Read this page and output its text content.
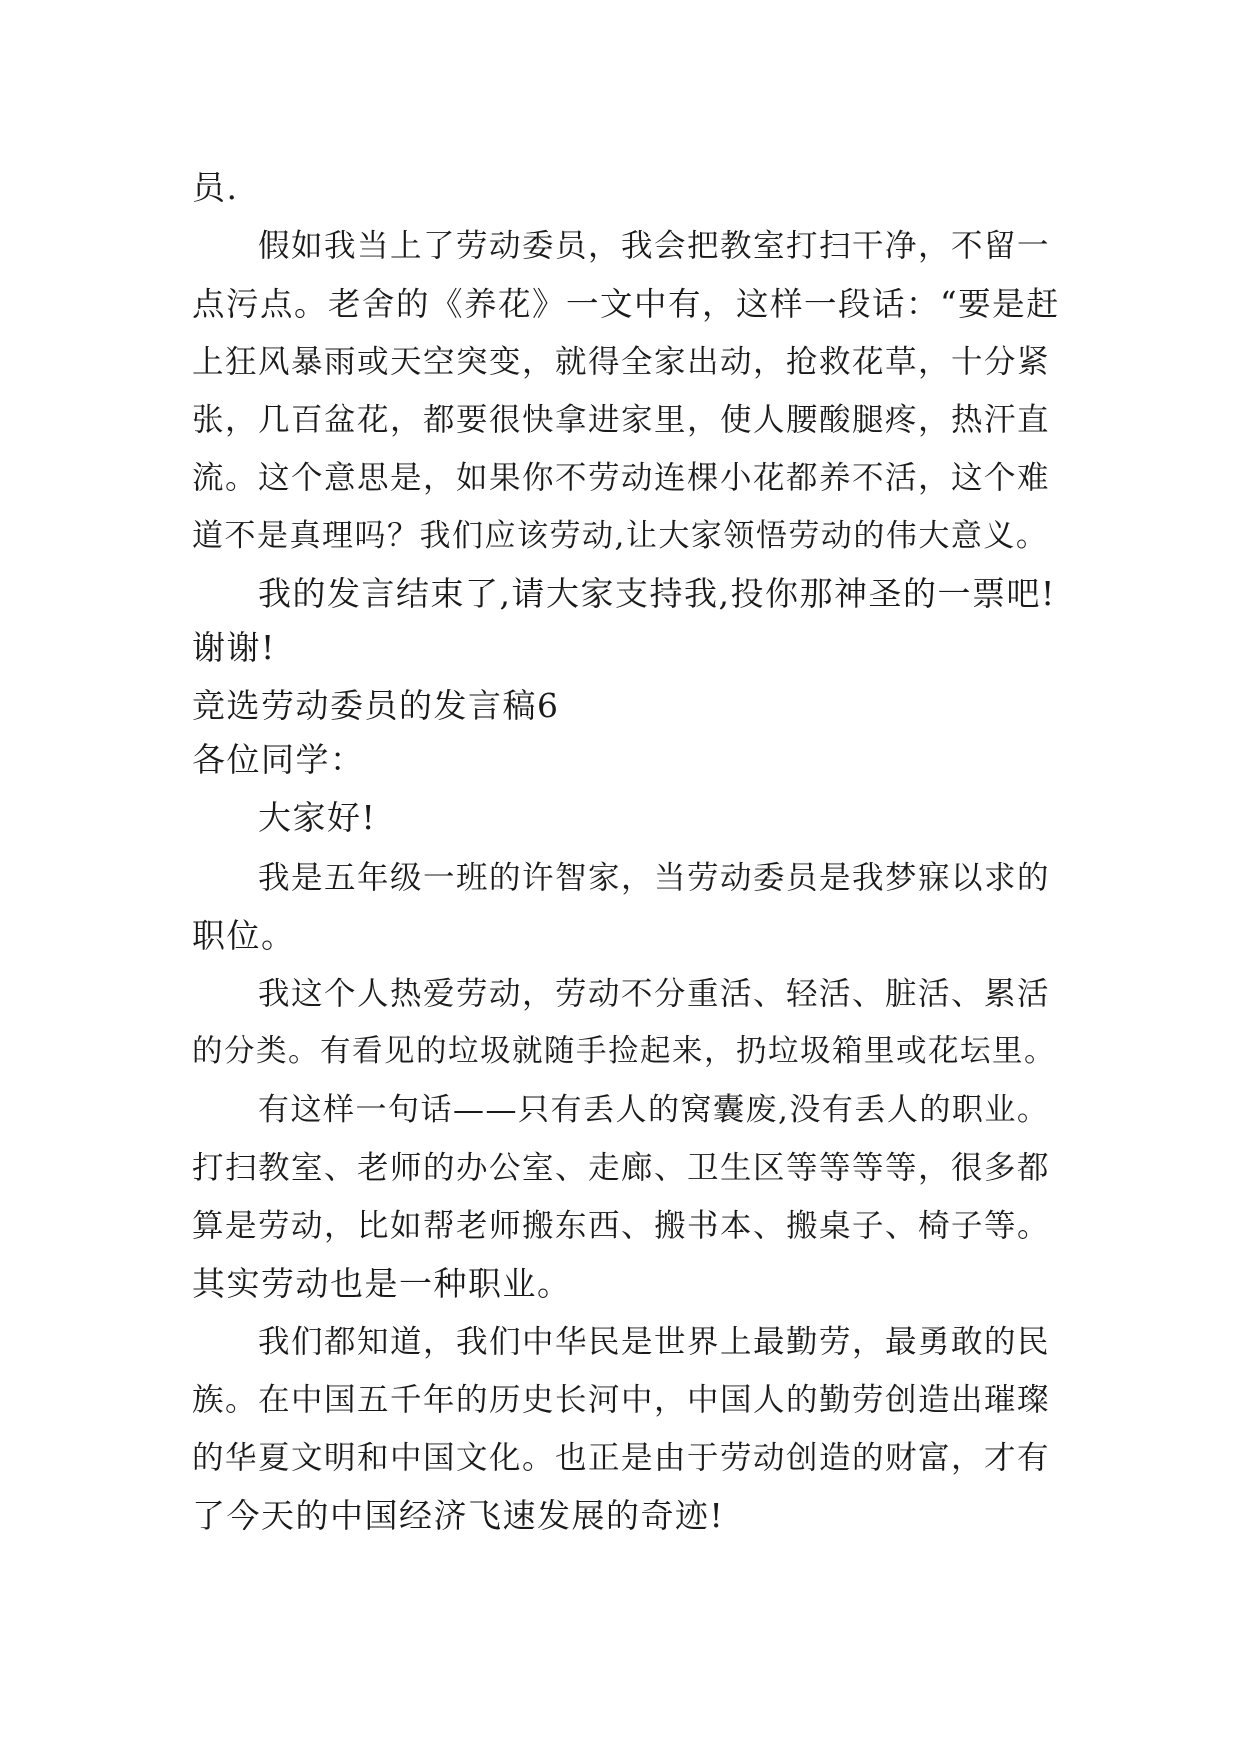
员.
假如我当上了劳动委员，我会把教室打扫干净，不留一
点污点。老舍的《养花》一文中有，这样一段话：“要是赶
上狂风暴雨或天空突变，就得全家出动，抢救花草，十分紧
张，几百盆花，都要很快拿进家里，使人腰酸腿疼，热汗直
流。这个意思是，如果你不劳动连棵小花都养不活，这个难
道不是真理吗？我们应该劳动,让大家领悟劳动的伟大意义。
我的发言结束了,请大家支持我,投你那神圣的一票吧!
谢谢!
竞选劳动委员的发言稿6
各位同学：
大家好!
我是五年级一班的许智家，当劳动委员是我梦寐以求的
职位。
我这个人热爱劳动，劳动不分重活、轻活、脏活、累活
的分类。有看见的垃圾就随手捡起来，扔垃圾箱里或花坛里。
有这样一句话——只有丢人的窝囊废,没有丢人的职业。
打扫教室、老师的办公室、走廊、卫生区等等等等，很多都
算是劳动，比如帮老师搬东西、搬书本、搬桌子、椅子等。
其实劳动也是一种职业。
我们都知道，我们中华民是世界上最勤劳，最勇敢的民
族。在中国五千年的历史长河中，中国人的勤劳创造出璀璨
的华夏文明和中国文化。也正是由于劳动创造的财富，才有
了今天的中国经济飞速发展的奇迹!
